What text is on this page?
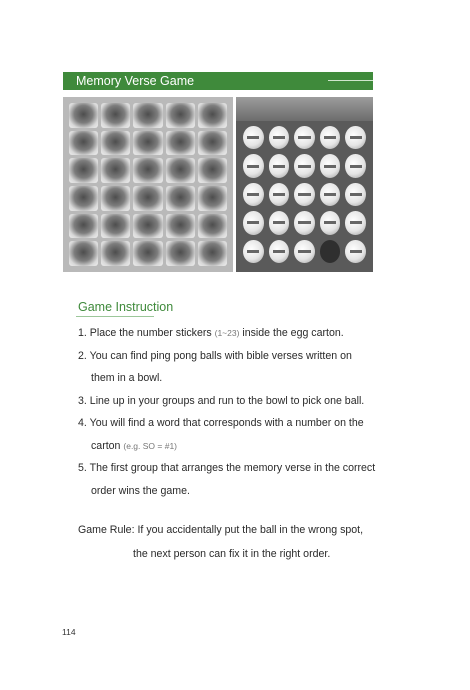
Memory Verse Game
Game Instruction
1. Place the number stickers (1~23) inside the egg carton.
2. You can find ping pong balls with bible verses written on
them in a bowl.
3. Line up in your groups and run to the bowl to pick one ball.
4. You will find a word that corresponds with a number on the
carton (e.g. SO = #1)
5. The first group that arranges the memory verse in the correct
order wins the game.
Game Rule: If you accidentally put the ball in the wrong spot,
the next person can fix it in the right order.
114
